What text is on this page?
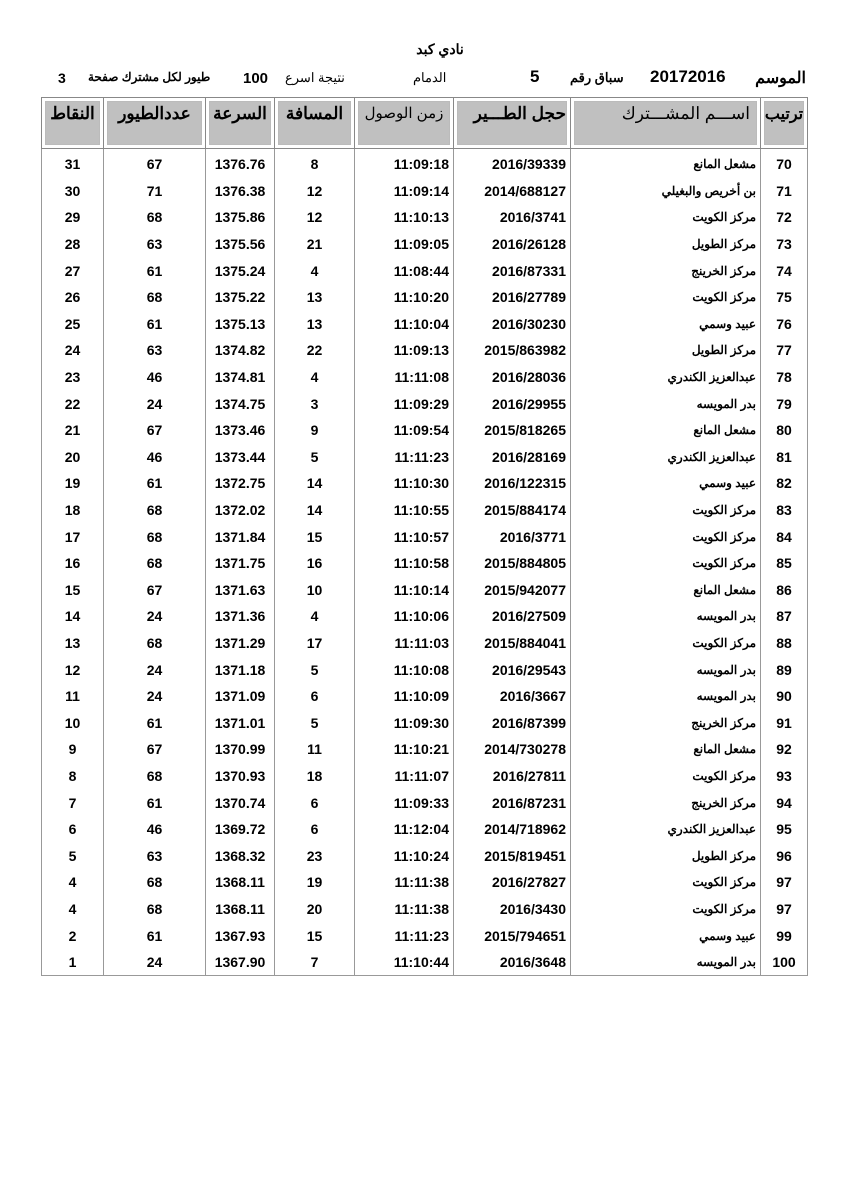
نادي كبد
الموسم
20172016
سباق رقم
5
الدمام
نتيجة اسرع
100
طيور لكل مشترك صفحة
3
النقاط	عددالطيور	السرعة	المسافة	زمن الوصول	حجل الطـــير	اســـم المشـــترك	ترتيب
31	67	1376.76	8	11:09:18	2016/39339	مشعل المانع	70
30	71	1376.38	12	11:09:14	2014/688127	بن أخريص والبغيلي	71
29	68	1375.86	12	11:10:13	2016/3741	مركز الكويت	72
28	63	1375.56	21	11:09:05	2016/26128	مركز الطويل	73
27	61	1375.24	4	11:08:44	2016/87331	مركز الخرينج	74
26	68	1375.22	13	11:10:20	2016/27789	مركز الكويت	75
25	61	1375.13	13	11:10:04	2016/30230	عبيد وسمي	76
24	63	1374.82	22	11:09:13	2015/863982	مركز الطويل	77
23	46	1374.81	4	11:11:08	2016/28036	عبدالعزيز الكندري	78
22	24	1374.75	3	11:09:29	2016/29955	بدر المويسه	79
21	67	1373.46	9	11:09:54	2015/818265	مشعل المانع	80
20	46	1373.44	5	11:11:23	2016/28169	عبدالعزيز الكندري	81
19	61	1372.75	14	11:10:30	2016/122315	عبيد وسمي	82
18	68	1372.02	14	11:10:55	2015/884174	مركز الكويت	83
17	68	1371.84	15	11:10:57	2016/3771	مركز الكويت	84
16	68	1371.75	16	11:10:58	2015/884805	مركز الكويت	85
15	67	1371.63	10	11:10:14	2015/942077	مشعل المانع	86
14	24	1371.36	4	11:10:06	2016/27509	بدر المويسه	87
13	68	1371.29	17	11:11:03	2015/884041	مركز الكويت	88
12	24	1371.18	5	11:10:08	2016/29543	بدر المويسه	89
11	24	1371.09	6	11:10:09	2016/3667	بدر المويسه	90
10	61	1371.01	5	11:09:30	2016/87399	مركز الخرينج	91
9	67	1370.99	11	11:10:21	2014/730278	مشعل المانع	92
8	68	1370.93	18	11:11:07	2016/27811	مركز الكويت	93
7	61	1370.74	6	11:09:33	2016/87231	مركز الخرينج	94
6	46	1369.72	6	11:12:04	2014/718962	عبدالعزيز الكندري	95
5	63	1368.32	23	11:10:24	2015/819451	مركز الطويل	96
4	68	1368.11	19	11:11:38	2016/27827	مركز الكويت	97
4	68	1368.11	20	11:11:38	2016/3430	مركز الكويت	97
2	61	1367.93	15	11:11:23	2015/794651	عبيد وسمي	99
1	24	1367.90	7	11:10:44	2016/3648	بدر المويسه	100
